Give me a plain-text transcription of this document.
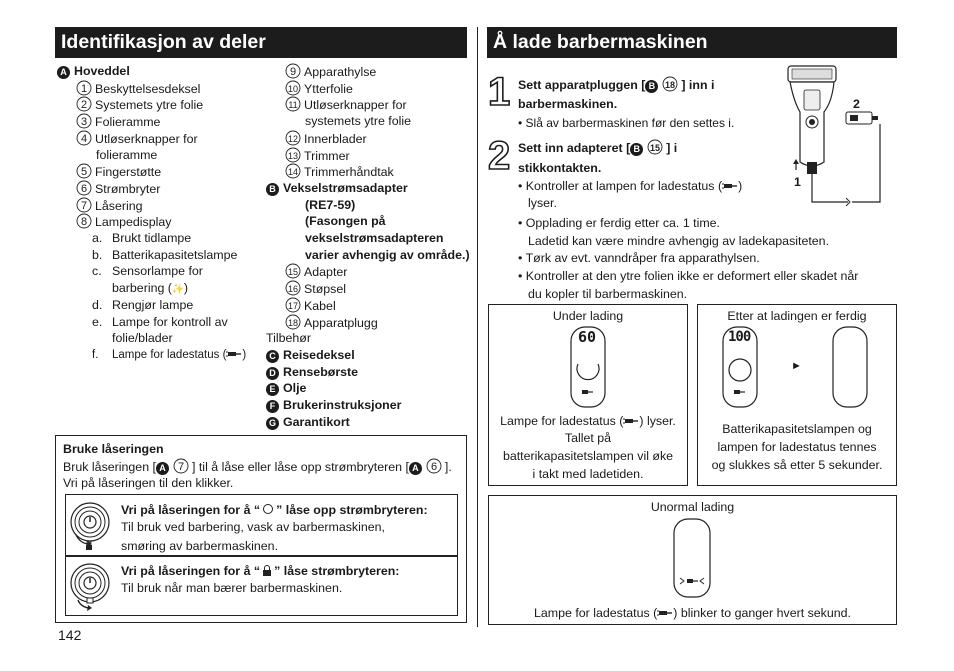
Identifikasjon av deler
A Hoveddel
1 Beskyttelsesdeksel
2 Systemets ytre folie
3 Folieramme
4 Utløserknapper for
folieramme
5 Fingerstøtte
6 Strømbryter
7 Låsering
8 Lampedisplay
a. Brukt tidlampe
b. Batterikapasitetslampe
c. Sensorlampe for
barbering (✨)
d. Rengjør lampe
e. Lampe for kontroll av
folie/blader
f. Lampe for ladestatus ( )
9 Apparathylse
10 Ytterfolie
11 Utløserknapper for
systemets ytre folie
12 Innerblader
13 Trimmer
14 Trimmerhåndtak
B Vekselstrømsadapter
(RE7-59)
(Fasongen på
vekselstrømsadapteren
varier avhengig av område.)
15 Adapter
16 Støpsel
17 Kabel
18 Apparatplugg
Tilbehør
C Reisedeksel
D Rensebørste
E Olje
F Brukerinstruksjoner
G Garantikort
Bruke låseringen
Bruk låseringen [ A 7 ] til å låse eller låse opp strømbryteren [ A 6 ].
Vri på låseringen til den klikker.
Vri på låseringen for å “ ” låse opp strømbryteren:
Til bruk ved barbering, vask av barbermaskinen,
smøring av barbermaskinen.
Vri på låseringen for å “ ” låse strømbryteren:
Til bruk når man bærer barbermaskinen.
142
Å lade barbermaskinen
1 Sett apparatpluggen [ B 18 ] inn i
barbermaskinen.
• Slå av barbermaskinen før den settes i.
2 Sett inn adapteret [ B 15 ] i
stikkontakten.
• Kontroller at lampen for ladestatus ( )
lyser.
• Opplading er ferdig etter ca. 1 time.
Ladetid kan være mindre avhengig av ladekapasiteten.
• Tørk av evt. vanndråper fra apparathylsen.
• Kontroller at den ytre folien ikke er deformert eller skadet når
du kopler til barbermaskinen.
2
1
Under lading
60
Lampe for ladestatus ( ) lyser.
Tallet på
batterikapasitetslampen vil øke
i takt med ladetiden.
Etter at ladingen er ferdig
100
►
Batterikapasitetslampen og
lampen for ladestatus tennes
og slukkes så etter 5 sekunder.
Unormal lading
Lampe for ladestatus ( ) blinker to ganger hvert sekund.
